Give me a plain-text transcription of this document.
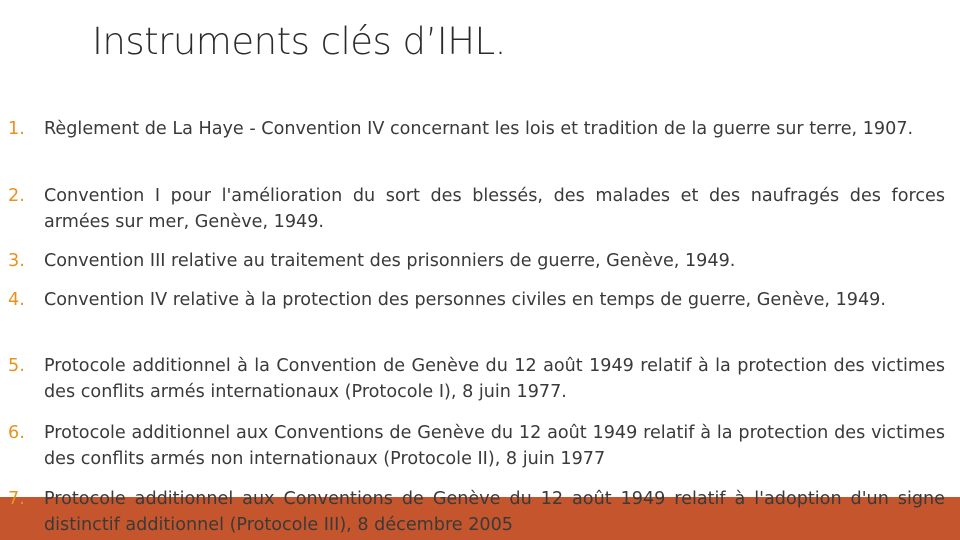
Instruments clés d’IHL.
1. Règlement de La Haye - Convention IV concernant les lois et tradition de la guerre sur terre, 1907.
2. Convention I pour l'amélioration du sort des blessés, des malades et des naufragés des forces armées sur mer, Genève, 1949.
3. Convention III relative au traitement des prisonniers de guerre, Genève, 1949.
4. Convention IV relative à la protection des personnes civiles en temps de guerre, Genève, 1949.
5. Protocole additionnel à la Convention de Genève du 12 août 1949 relatif à la protection des victimes des conflits armés internationaux (Protocole I), 8 juin 1977.
6. Protocole additionnel aux Conventions de Genève du 12 août 1949 relatif à la protection des victimes des conflits armés non internationaux (Protocole II), 8 juin 1977
7. Protocole additionnel aux Conventions de Genève du 12 août 1949 relatif à l'adoption d'un signe distinctif additionnel (Protocole III), 8 décembre 2005
